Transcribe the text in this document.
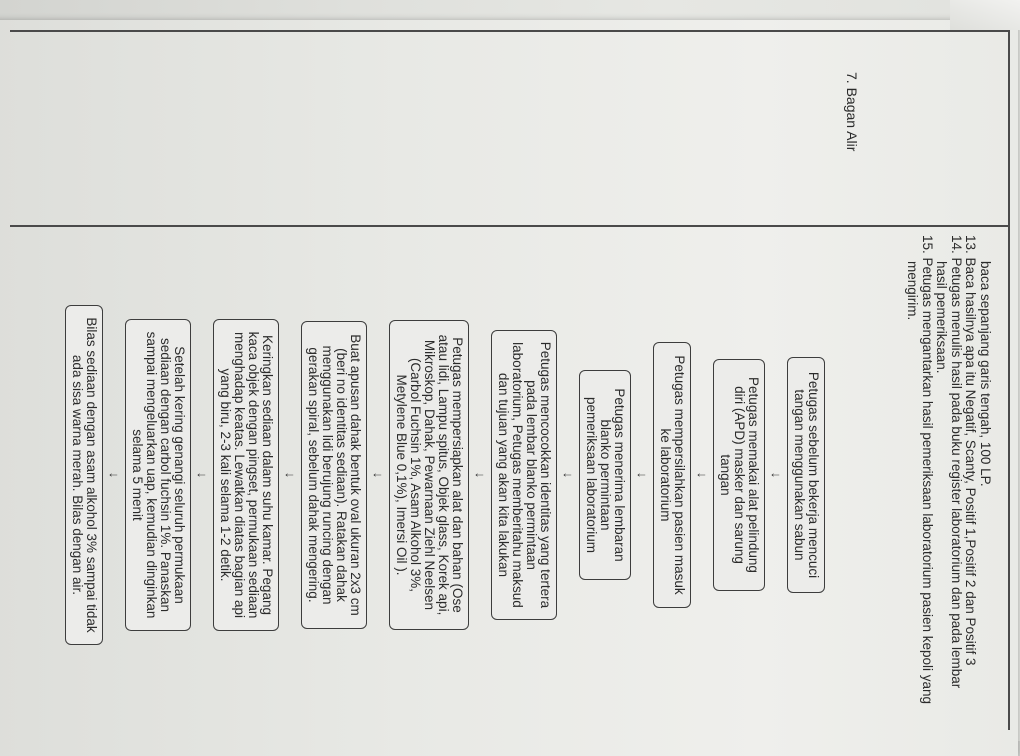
7. Bagan Alir

baca sepanjang garis tengah, 100 LP.

13. Baca hasilnya apa itu Negatif, Scanty, Positif 1,Positif 2 dan Positif 3

14. Petugas menulis hasil pada buku register laboratorium dan pada lembar

hasil pemeriksaan.

15. Petugas mengantarkan hasil pemeriksaan laboratorium pasien kepoli yang

mengirim.

Petugas sebelum bekerja mencuci tangan menggunakan sabun
↓
Petugas memakai alat pelindung diri (APD) masker dan sarung tangan
↓
Petugas mempersilahkan pasien masuk ke laboratorium
↓
Petugas menerima lembaran blanko permintaan pemeriksaan laboratorium
↓
Petugas mencocokkan identitas yang tertera pada lembar blanko permintaan laboratorium, Petugas memberitahu maksud dan tujuan yang akan kita lakukan
↓
Petugas mempersiapkan alat dan bahan (Ose atau lidi, Lampu spitus, Objek glass, Korek api, Mikroskop, Dahak, Pewarnaan Ziehl Neelsen (Carbol Fuchsin 1%, Asam Alkohol 3%, Metylene Blue 0,1%), Imersi Oil ).
↓
Buat apusan dahak bentuk oval ukuran 2x3 cm (beri no identitas sediaan). Ratakan dahak menggunakan lidi berujung runcing dengan gerakan spiral, sebelum dahak mengering.
↓
Keringkan sediaan dalam suhu kamar. Pegang kaca objek dengan pingset, permukaan sediaan menghadap keatas. Lewatkan diatas bagian api yang biru, 2-3 kali selama 1-2 detik.
↓
Setelah kering genangi seluruh permukaan sediaan dengan carbol fuchsin 1%. Panaskan sampai mengeluarkan uap, kemudian dinginkan selama 5 menit
↓
Bilas sediaan dengan asam alkohol 3% sampai tidak ada sisa warna merah. Bilas dengan air.
